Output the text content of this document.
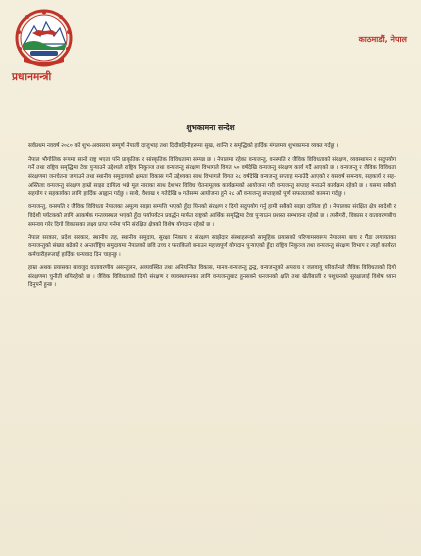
प्रधानमन्त्री
काठमाडौं, नेपाल
शुभकामना सन्देश

सर्वप्रथम नववर्ष २०८० को शुभ-अवसरमा सम्पूर्ण नेपाली दाजुभाइ तथा दिदीबहिनीहरूमा सुख, शान्ति र समृद्धिको हार्दिक मंगलमय शुभकामना व्यक्त गर्दछु ।

नेपाल भौगोलिक रूपमा सानो राष्ट्र भएता पनि प्राकृतिक र सांस्कृतिक विविधतामा सम्पन्न छ । नेपालमा रहेका वन्यजन्तु, वनस्पति र जैविक विविधताको संरक्षण, व्यवस्थापन र सदुपयोग गर्ने तथा राष्ट्रिय समृद्धिमा टेवा पुऱ्याउने उद्देश्यले राष्ट्रिय निकुञ्ज तथा वन्यजन्तु संरक्षण विभागले विगत ५० वर्षदेखि वन्यजन्तु संरक्षण कार्य गर्दै आएको छ । वन्यजन्तु र जैविक विविधता संरक्षणमा जनचेतना जगाउने तथा स्थानीय समुदायको क्षमता विकास गर्ने उद्देश्यका साथ विभागले विगत २८ वर्षदेखि वन्यजन्तु सप्ताह मनाउँदै आएको र यसवर्ष समन्वय, सहकार्य र सह-अस्तित्वः वन्यजन्तु संरक्षण हाम्रो साझा दायित्व भन्ने मूल नाराका साथ देशभर विविध चेतनामूलक कार्यक्रमको आयोजना गरी वन्यजन्तु सप्ताह मनाउने कार्यक्रम रहेको छ । यसमा सबैको सहयोग र सहकार्यका लागि हार्दिक आह्वान गर्दछु । साथै, वैशाख १ गतेदेखि ७ गतेसम्म आयोजना हुने २८ औं वन्यजन्तु सप्ताहको पूर्ण सफलताको कामना गर्दछु ।

वन्यजन्तु, वनस्पति र जैविक विविधता नेपालका अमूल्य साझा सम्पत्ति भएको हुँदा यिनको संरक्षण र दिगो सदुपयोग गर्नु हामी सबैको साझा दायित्व हो । नेपालका संरक्षित क्षेत्र स्वदेशी र विदेशी पर्यटकको लागि आकर्षक गन्तव्यस्थल भएको हुँदा पर्यापर्यटन प्रवर्द्धन मार्फत राष्ट्रको आर्थिक समृद्धिमा टेवा पुऱ्याउन प्रशस्त सम्भावना रहेको छ । त्यसैगरी, विकास र वातावरणबीच समन्वय गरेर दिगो विकासका लक्ष्य प्राप्त गर्नमा पनि संरक्षित क्षेत्रको विशेष योगदान रहेको छ ।

नेपाल सरकार, प्रदेश सरकार, स्थानीय तह, स्थानीय समुदाय, सुरक्षा निकाय र संरक्षण साझेदार संस्थाहरूको सामूहिक प्रयासको परिणामस्वरूप नेपालमा बाघ र गैंडा लगायतका वन्यजन्तुको संख्या बढेको र अन्तर्राष्ट्रिय समुदायमा नेपालको छवि उच्च र फराकिलो बनाउन महत्त्वपूर्ण योगदान पुऱ्याएको हुँदा राष्ट्रिय निकुञ्ज तथा वन्यजन्तु संरक्षण विभाग र त्यहाँ कार्यरत कर्मचारीहरूलाई हार्दिक धन्यवाद दिन चाहन्छु ।

हाम्रा अथक प्रयासका बावजुद वातावरणीय असन्तुलन, अव्यवस्थित तथा अनियन्त्रित विकास, मानव-वन्यजन्तु द्वन्द्व, वन्यजन्तुको अपराध र जलवायु परिवर्तनले जैविक विविधताको दिगो संरक्षणमा चुनौती थपिरहेको छ । जैविक विविधताको दिगो संरक्षण र व्यवस्थापनका लागि वन्यजन्तुबाट हुनसक्ने धनजनको क्षति तथा खेतीबाली र पशुधनको सुरक्षालाई विशेष ध्यान दिनुपर्ने हुन्छ ।
